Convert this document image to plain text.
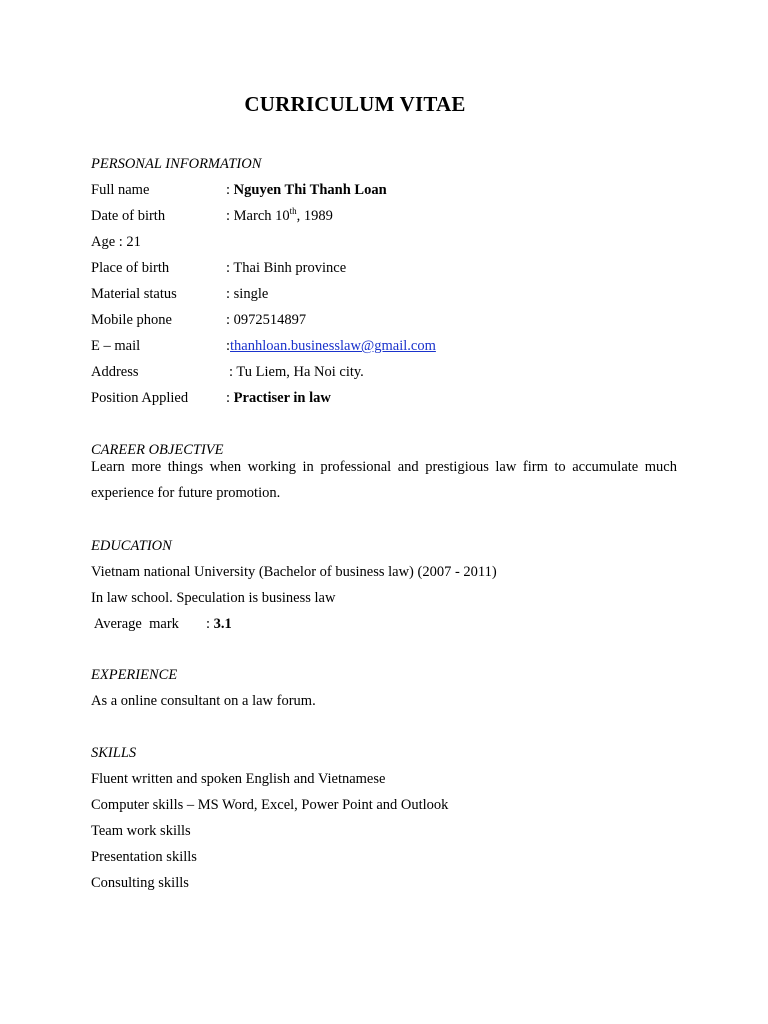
CURRICULUM VITAE
PERSONAL INFORMATION
Full name	: Nguyen Thi Thanh Loan
Date of birth	: March 10th, 1989
Age : 21
Place of birth	: Thai Binh province
Material status	: single
Mobile phone	: 0972514897
E – mail	:thanhloan.businesslaw@gmail.com
Address	: Tu Liem, Ha Noi city.
Position Applied	: Practiser in law
CAREER OBJECTIVE
Learn more things when working in professional and prestigious law firm to accumulate much experience for future promotion.
EDUCATION
Vietnam national University (Bachelor of business law) (2007 - 2011)
In law school. Speculation is business law
Average  mark : 3.1
EXPERIENCE
As a online consultant on a law forum.
SKILLS
Fluent written and spoken English and Vietnamese
Computer skills – MS Word, Excel, Power Point and Outlook
Team work skills
Presentation skills
Consulting skills
